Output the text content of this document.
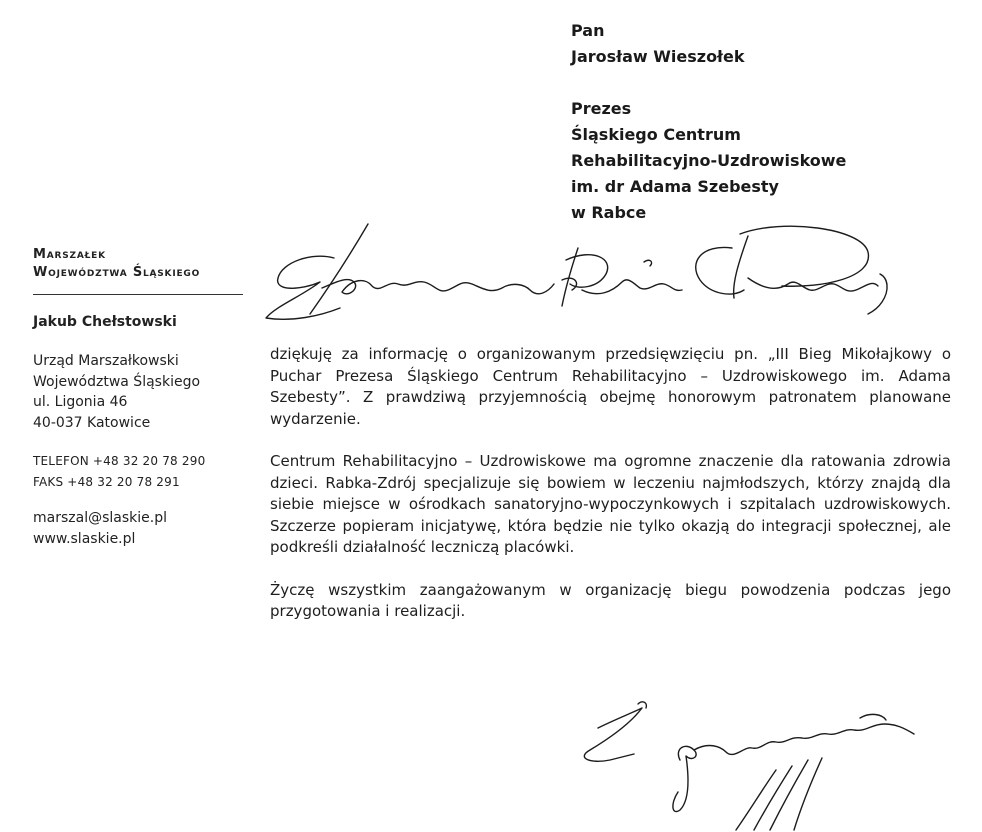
Pan
Jarosław Wieszołek
Prezes
Śląskiego Centrum
Rehabilitacyjno-Uzdrowiskowe
im. dr Adama Szebesty
w Rabce
Marszałek
Województwa Śląskiego
Jakub Chełstowski
Urząd Marszałkowski
Województwa Śląskiego
ul. Ligonia 46
40-037 Katowice
TELEFON +48 32 20 78 290
FAKS +48 32 20 78 291
marszal@slaskie.pl
www.slaskie.pl

dziękuję za informację o organizowanym przedsięwzięciu pn. „III Bieg Mikołajkowy o Puchar Prezesa Śląskiego Centrum Rehabilitacyjno – Uzdrowiskowego im. Adama Szebesty”. Z prawdziwą przyjemnością obejmę honorowym patronatem planowane wydarzenie.

Centrum Rehabilitacyjno – Uzdrowiskowe ma ogromne znaczenie dla ratowania zdrowia dzieci. Rabka-Zdrój specjalizuje się bowiem w leczeniu najmłodszych, którzy znajdą dla siebie miejsce w ośrodkach sanatoryjno-wypoczynkowych i szpitalach uzdrowiskowych. Szczerze popieram inicjatywę, która będzie nie tylko okazją do integracji społecznej, ale podkreśli działalność leczniczą placówki.

Życzę wszystkim zaangażowanym w organizację biegu powodzenia podczas jego przygotowania i realizacji.
